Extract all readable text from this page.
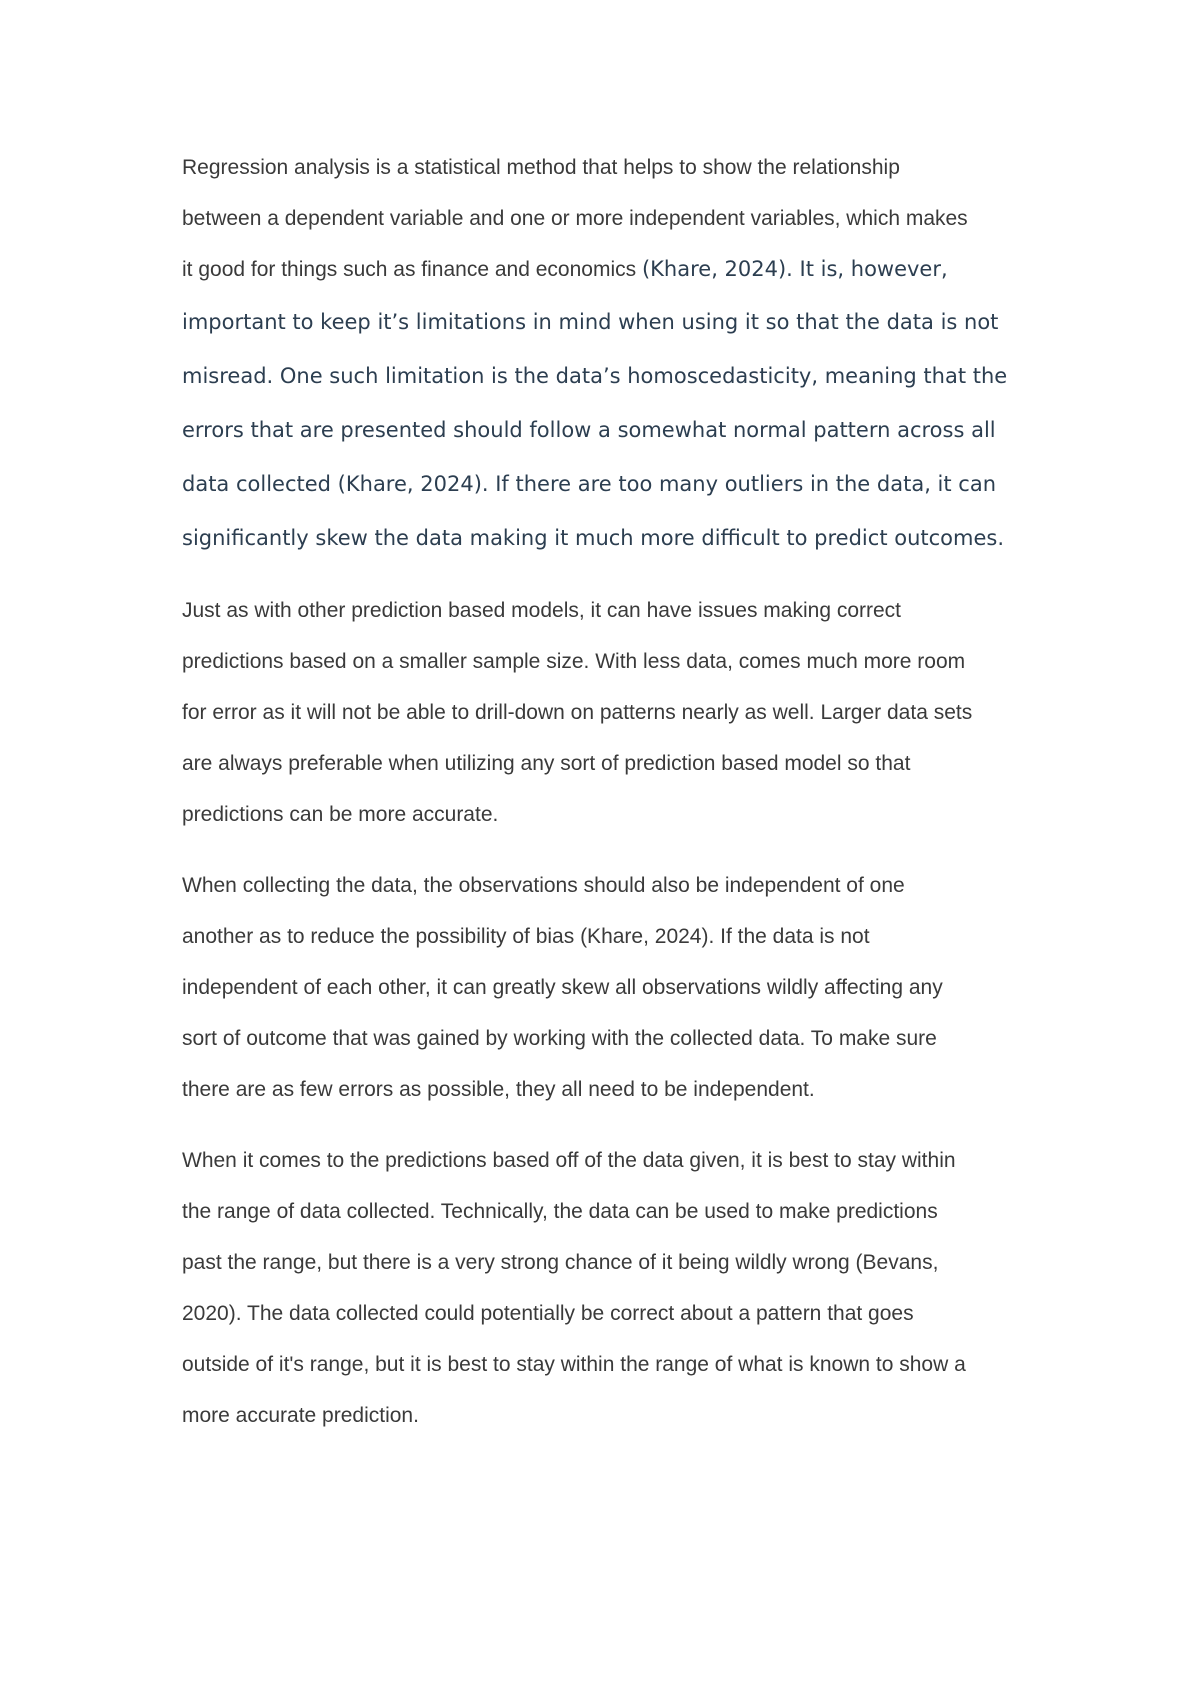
Regression analysis is a statistical method that helps to show the relationship
between a dependent variable and one or more independent variables, which makes
it good for things such as finance and economics (Khare, 2024). It is, however,
important to keep it’s limitations in mind when using it so that the data is not
misread. One such limitation is the data’s homoscedasticity, meaning that the
errors that are presented should follow a somewhat normal pattern across all
data collected (Khare, 2024). If there are too many outliers in the data, it can
significantly skew the data making it much more difficult to predict outcomes.

Just as with other prediction based models, it can have issues making correct
predictions based on a smaller sample size. With less data, comes much more room
for error as it will not be able to drill-down on patterns nearly as well. Larger data sets
are always preferable when utilizing any sort of prediction based model so that
predictions can be more accurate.

When collecting the data, the observations should also be independent of one
another as to reduce the possibility of bias (Khare, 2024). If the data is not
independent of each other, it can greatly skew all observations wildly affecting any
sort of outcome that was gained by working with the collected data. To make sure
there are as few errors as possible, they all need to be independent.

When it comes to the predictions based off of the data given, it is best to stay within
the range of data collected. Technically, the data can be used to make predictions
past the range, but there is a very strong chance of it being wildly wrong (Bevans,
2020). The data collected could potentially be correct about a pattern that goes
outside of it's range, but it is best to stay within the range of what is known to show a
more accurate prediction.
